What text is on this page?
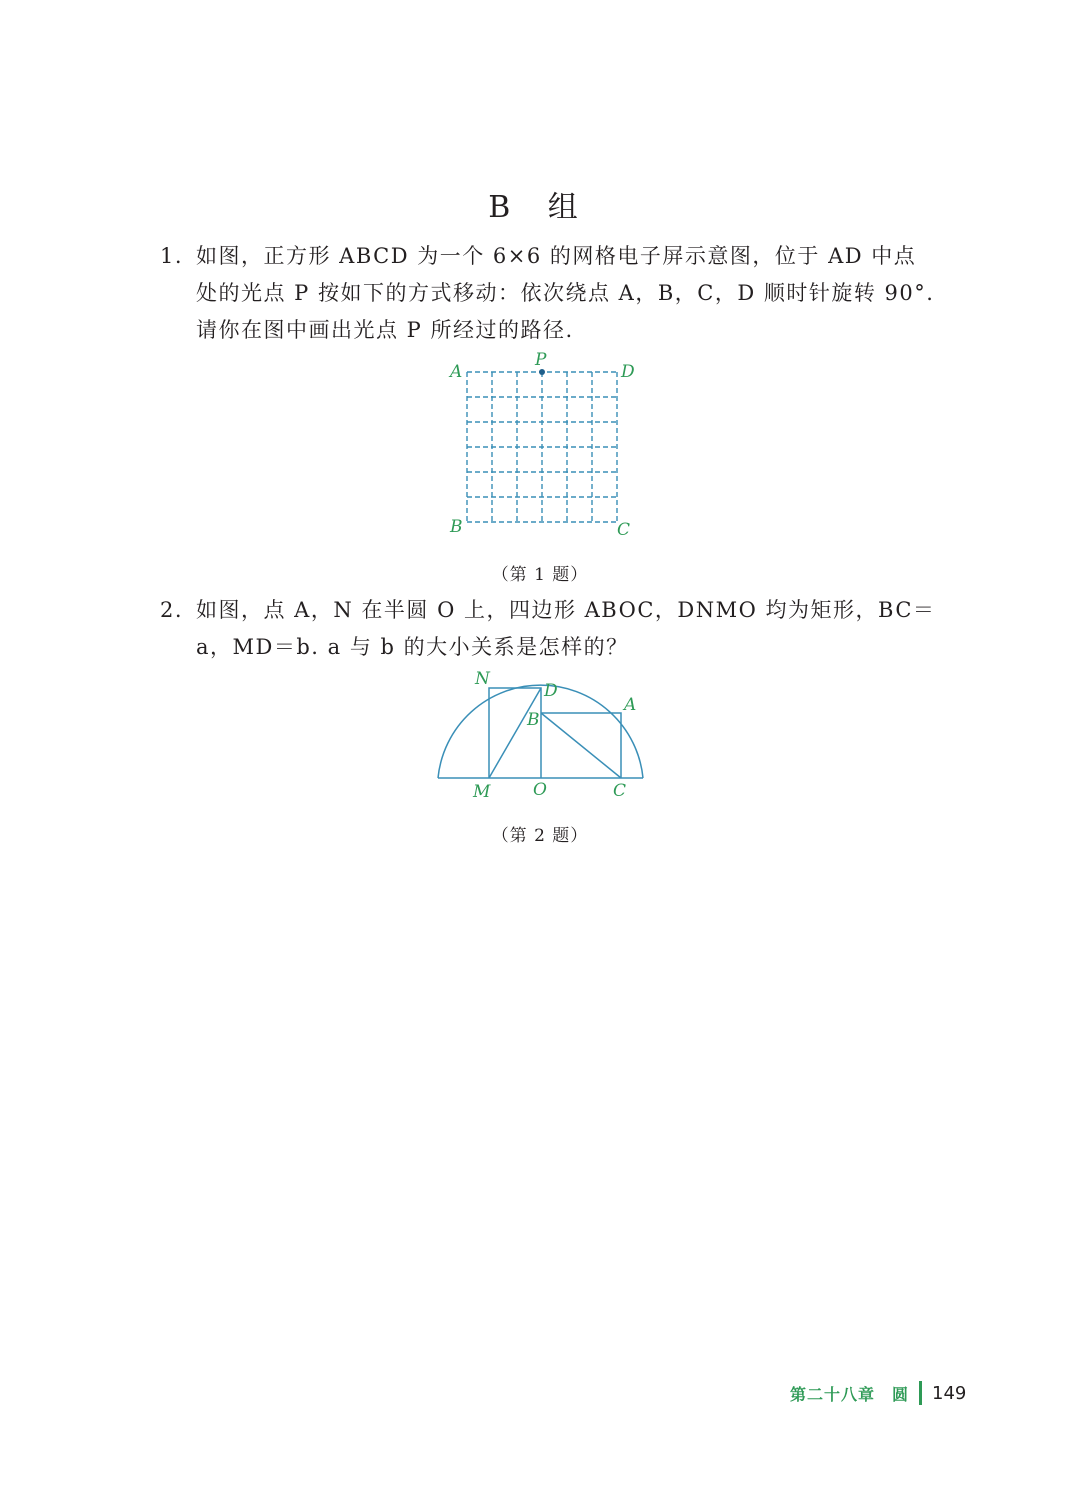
B 组
1. 如图，正方形 ABCD 为一个 6×6 的网格电子屏示意图，位于 AD 中点
处的光点 P 按如下的方式移动：依次绕点 A，B，C，D 顺时针旋转 90°.
请你在图中画出光点 P 所经过的路径.
A
P
D
B	C
（第 1 题）
2. 如图，点 A，N 在半圆 O 上，四边形 ABOC，DNMO 均为矩形，BC＝
a，MD＝b. a 与 b 的大小关系是怎样的？
N
D
A
B
M	O	C
（第 2 题）
第二十八章　圆 149
